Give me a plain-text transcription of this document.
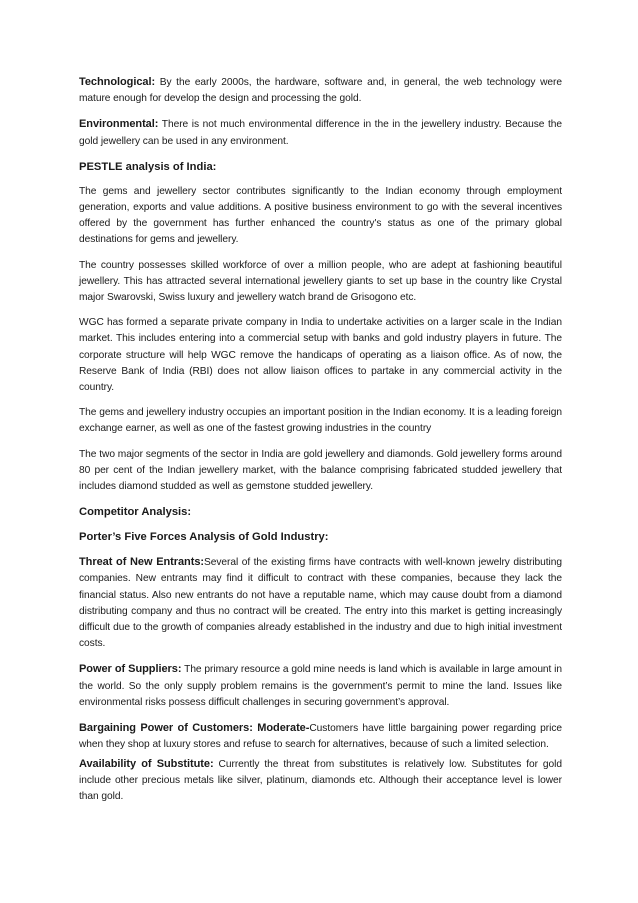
Technological: By the early 2000s, the hardware, software and, in general, the web technology were mature enough for develop the design and processing the gold.

Environmental: There is not much environmental difference in the in the jewellery industry. Because the gold jewellery can be used in any environment.

PESTLE analysis of India:

The gems and jewellery sector contributes significantly to the Indian economy through employment generation, exports and value additions. A positive business environment to go with the several incentives offered by the government has further enhanced the country's status as one of the primary global destinations for gems and jewellery.

The country possesses skilled workforce of over a million people, who are adept at fashioning beautiful jewellery. This has attracted several international jewellery giants to set up base in the country like Crystal major Swarovski, Swiss luxury and jewellery watch brand de Grisogono etc.

WGC has formed a separate private company in India to undertake activities on a larger scale in the Indian market. This includes entering into a commercial setup with banks and gold industry players in future. The corporate structure will help WGC remove the handicaps of operating as a liaison office. As of now, the Reserve Bank of India (RBI) does not allow liaison offices to partake in any commercial activity in the country.

The gems and jewellery industry occupies an important position in the Indian economy. It is a leading foreign exchange earner, as well as one of the fastest growing industries in the country

The two major segments of the sector in India are gold jewellery and diamonds. Gold jewellery forms around 80 per cent of the Indian jewellery market, with the balance comprising fabricated studded jewellery that includes diamond studded as well as gemstone studded jewellery.

Competitor Analysis:
Porter’s Five Forces Analysis of Gold Industry:

Threat of New Entrants:Several of the existing firms have contracts with well-known jewelry distributing companies. New entrants may find it difficult to contract with these companies, because they lack the financial status. Also new entrants do not have a reputable name, which may cause doubt from a diamond distributing company and thus no contract will be created. The entry into this market is getting increasingly difficult due to the growth of companies already established in the industry and due to high initial investment costs.

Power of Suppliers: The primary resource a gold mine needs is land which is available in large amount in the world. So the only supply problem remains is the government’s permit to mine the land. Issues like environmental risks possess difficult challenges in securing government’s approval.

Bargaining Power of Customers: Moderate-Customers have little bargaining power regarding price when they shop at luxury stores and refuse to search for alternatives, because of such a limited selection.

Availability of Substitute: Currently the threat from substitutes is relatively low. Substitutes for gold include other precious metals like silver, platinum, diamonds etc. Although their acceptance level is lower than gold.
